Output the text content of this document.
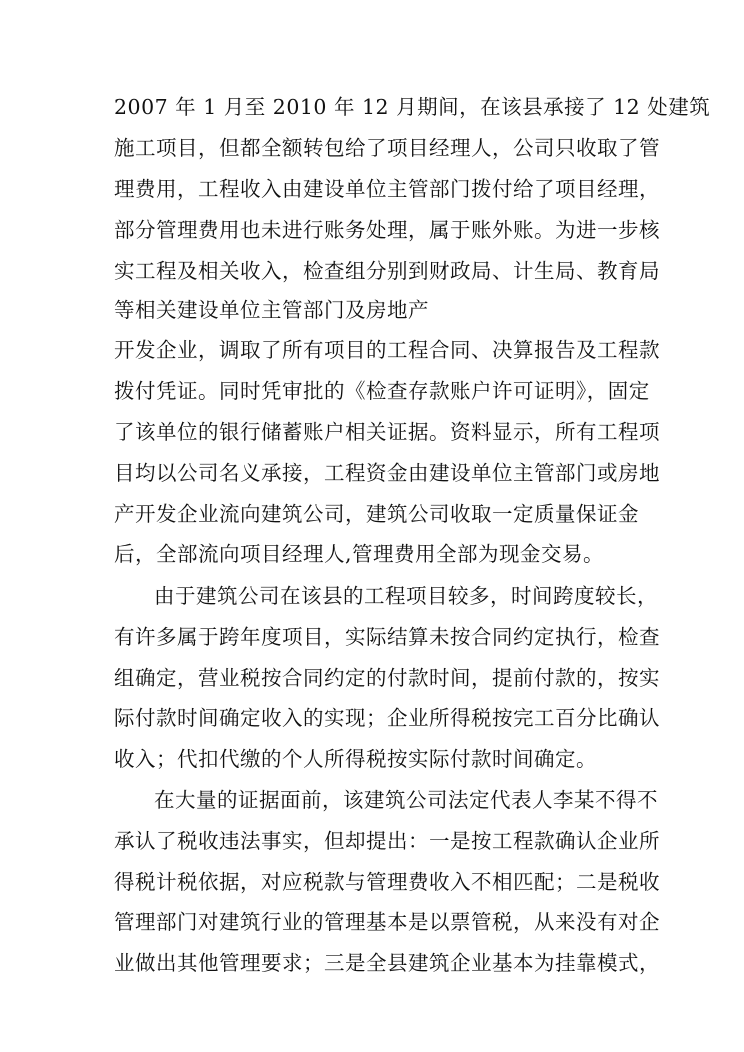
2007 年 1 月至 2010 年 12 月期间，在该县承接了 12 处建筑
施工项目，但都全额转包给了项目经理人，公司只收取了管
理费用，工程收入由建设单位主管部门拨付给了项目经理，
部分管理费用也未进行账务处理，属于账外账。为进一步核
实工程及相关收入，检查组分别到财政局、计生局、教育局
等相关建设单位主管部门及房地产
开发企业，调取了所有项目的工程合同、决算报告及工程款
拨付凭证。同时凭审批的《检查存款账户许可证明》，固定
了该单位的银行储蓄账户相关证据。资料显示，所有工程项
目均以公司名义承接，工程资金由建设单位主管部门或房地
产开发企业流向建筑公司，建筑公司收取一定质量保证金
后，全部流向项目经理人,管理费用全部为现金交易。
由于建筑公司在该县的工程项目较多，时间跨度较长，
有许多属于跨年度项目，实际结算未按合同约定执行，检查
组确定，营业税按合同约定的付款时间，提前付款的，按实
际付款时间确定收入的实现；企业所得税按完工百分比确认
收入；代扣代缴的个人所得税按实际付款时间确定。
在大量的证据面前，该建筑公司法定代表人李某不得不
承认了税收违法事实，但却提出：一是按工程款确认企业所
得税计税依据，对应税款与管理费收入不相匹配；二是税收
管理部门对建筑行业的管理基本是以票管税，从来没有对企
业做出其他管理要求；三是全县建筑企业基本为挂靠模式，
